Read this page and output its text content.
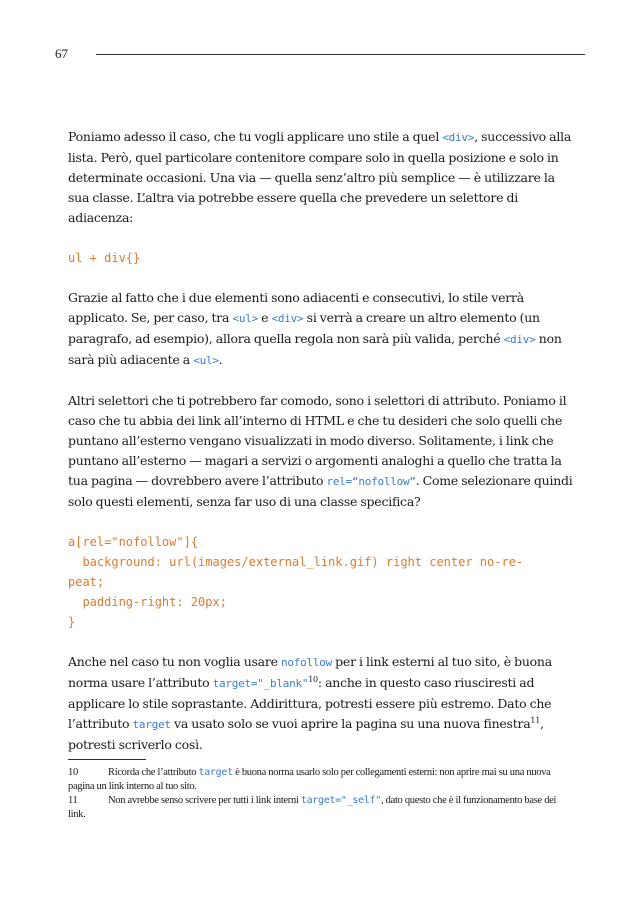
67

Poniamo adesso il caso, che tu vogli applicare uno stile a quel <div>, successivo alla lista. Però, quel particolare contenitore compare solo in quella posizione e solo in determinate occasioni. Una via — quella senz’altro più semplice — è utilizzare la sua classe. L’altra via potrebbe essere quella che prevedere un selettore di adiacenza:

ul + div{}

Grazie al fatto che i due elementi sono adiacenti e consecutivi, lo stile verrà applicato. Se, per caso, tra <ul> e <div> si verrà a creare un altro elemento (un paragrafo, ad esempio), allora quella regola non sarà più valida, perché <div> non sarà più adiacente a <ul>.

Altri selettori che ti potrebbero far comodo, sono i selettori di attributo. Poniamo il caso che tu abbia dei link all’interno di HTML e che tu desideri che solo quelli che puntano all’esterno vengano visualizzati in modo diverso. Solitamente, i link che puntano all’esterno — magari a servizi o argomenti analoghi a quello che tratta la tua pagina — dovrebbero avere l’attributo rel=“nofollow”. Come selezionare quindi solo questi elementi, senza far uso di una classe specifica?

a[rel="nofollow"]{
background: url(images/external_link.gif) right center no-re-
peat;
padding-right: 20px;
}

Anche nel caso tu non voglia usare nofollow per i link esterni al tuo sito, è buona norma usare l’attributo target="_blank"$^{10}$: anche in questo caso riusciresti ad applicare lo stile soprastante. Addirittura, potresti essere più estremo. Dato che l’attributo target va usato solo se vuoi aprire la pagina su una nuova finestra$^{11}$, potresti scriverlo così.

10	Ricorda che l’attributo target è buona norma usarlo solo per collegamenti esterni: non aprire mai su una nuova pagina un link interno al tuo sito.
11	Non avrebbe senso scrivere per tutti i link interni target="_self", dato questo che è il funzionamento base dei link.
